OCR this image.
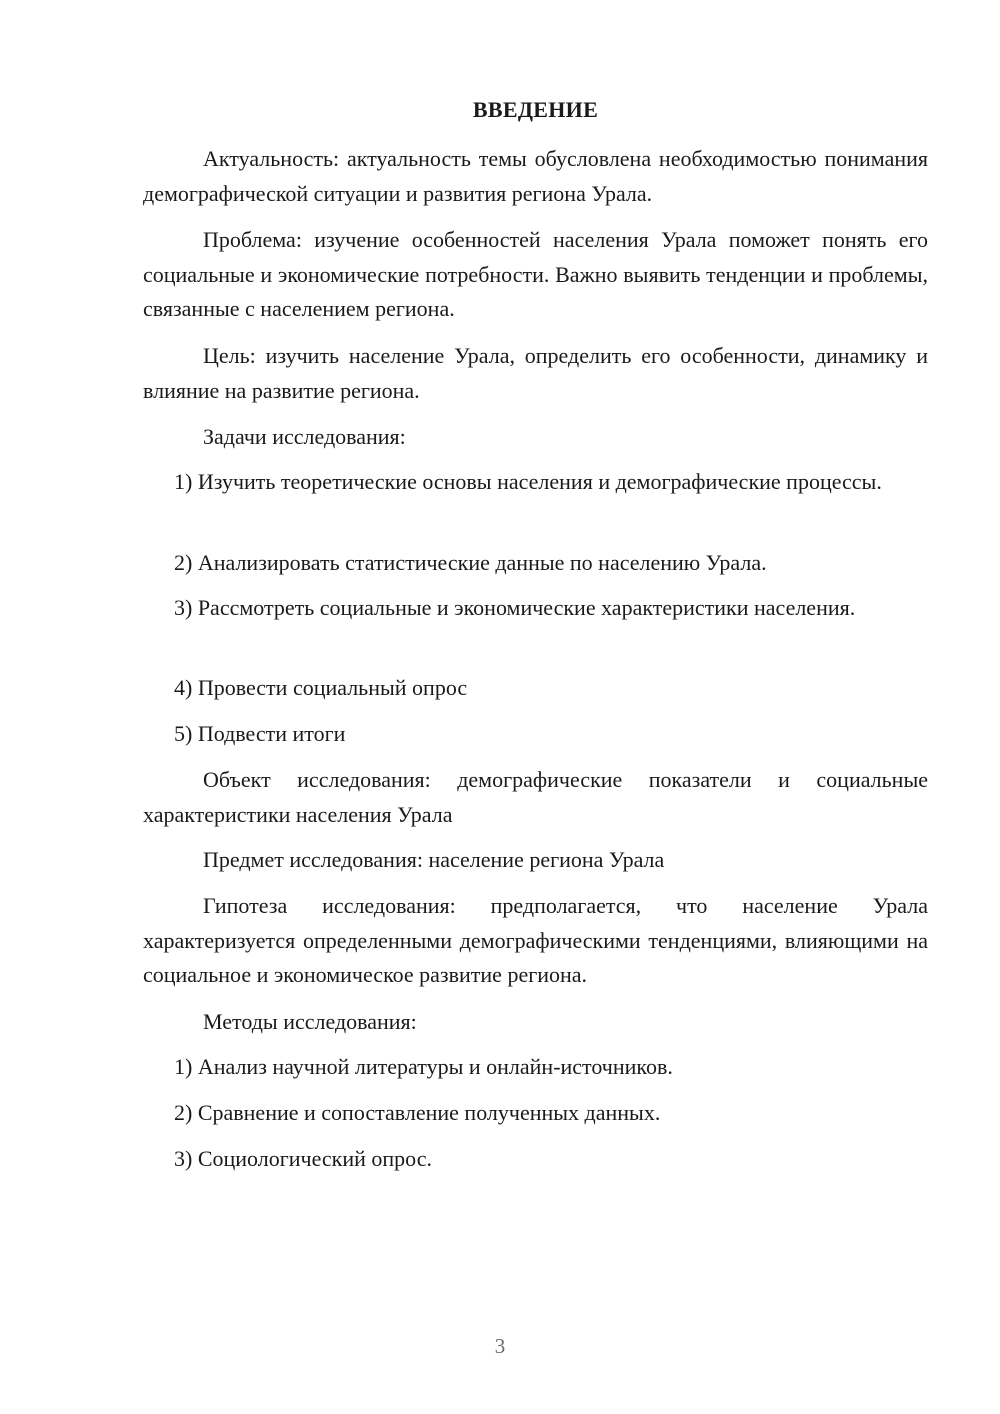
ВВЕДЕНИЕ

Актуальность: актуальность темы обусловлена необходимостью понимания демографической ситуации и развития региона Урала.

Проблема: изучение особенностей населения Урала поможет понять его социальные и экономические потребности. Важно выявить тенденции и проблемы, связанные с населением региона.

Цель: изучить население Урала, определить его особенности, динамику и влияние на развитие региона.

Задачи исследования:

1) Изучить теоретические основы населения и демографические процессы.

2) Анализировать статистические данные по населению Урала.

3) Рассмотреть социальные и экономические характеристики населения.

4) Провести социальный опрос

5) Подвести итоги

Объект исследования: демографические показатели и социальные характеристики населения Урала

Предмет исследования: население региона Урала

Гипотеза исследования: предполагается, что население Урала характеризуется определенными демографическими тенденциями, влияющими на социальное и экономическое развитие региона.

Методы исследования:

1) Анализ научной литературы и онлайн-источников.

2) Сравнение и сопоставление полученных данных.

3) Социологический опрос.

3
